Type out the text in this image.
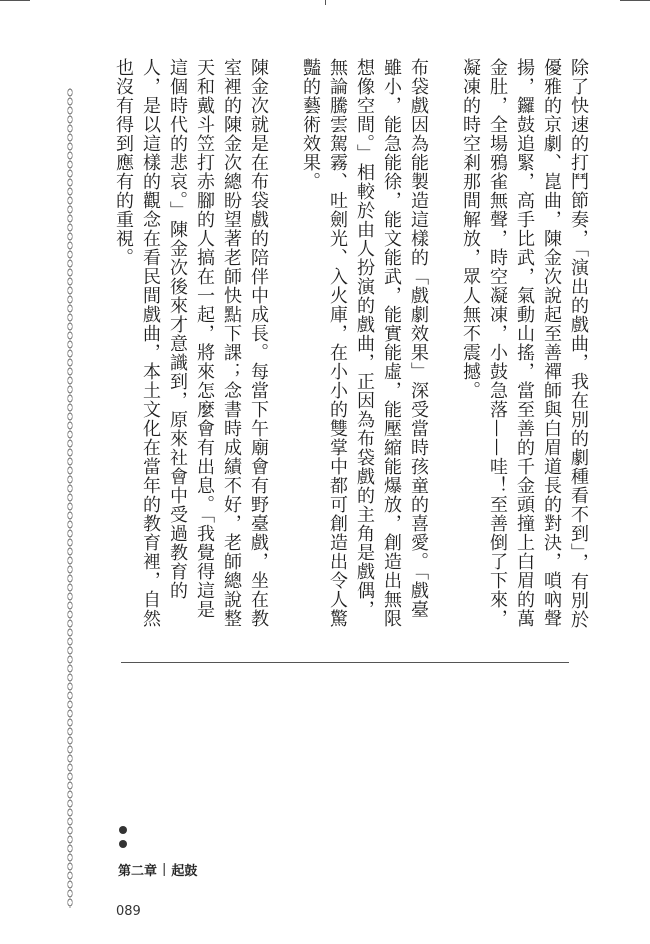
除了快速的打鬥節奏，「演出的戲曲，我在別的劇種看不到」，有別於優雅的京劇、崑曲，陳金次說起至善禪師與白眉道長的對決，嗩吶聲揚，鑼鼓追緊，高手比武，氣動山搖，當至善的千金頭撞上白眉的萬金肚，全場鴉雀無聲，時空凝凍，小鼓急落——哇！至善倒了下來，凝凍的時空剎那間解放，眾人無不震撼。

布袋戲因為能製造這樣的「戲劇效果」深受當時孩童的喜愛。「戲臺雖小，能急能徐，能文能武，能實能虛，能壓縮能爆放，創造出無限想像空間。」相較於由人扮演的戲曲，正因為布袋戲的主角是戲偶，無論騰雲駕霧、吐劍光、入火庫，在小小的雙掌中都可創造出令人驚豔的藝術效果。

陳金次就是在布袋戲的陪伴中成長。每當下午廟會有野臺戲，坐在教室裡的陳金次總盼望著老師快點下課；念書時成績不好，老師總說整天和戴斗笠打赤腳的人搞在一起，將來怎麼會有出息。「我覺得這是這個時代的悲哀。」陳金次後來才意識到，原來社會中受過教育的人，是以這樣的觀念在看民間戲曲，本土文化在當年的教育裡，自然也沒有得到應有的重視。

第二章 | 起鼓
089
